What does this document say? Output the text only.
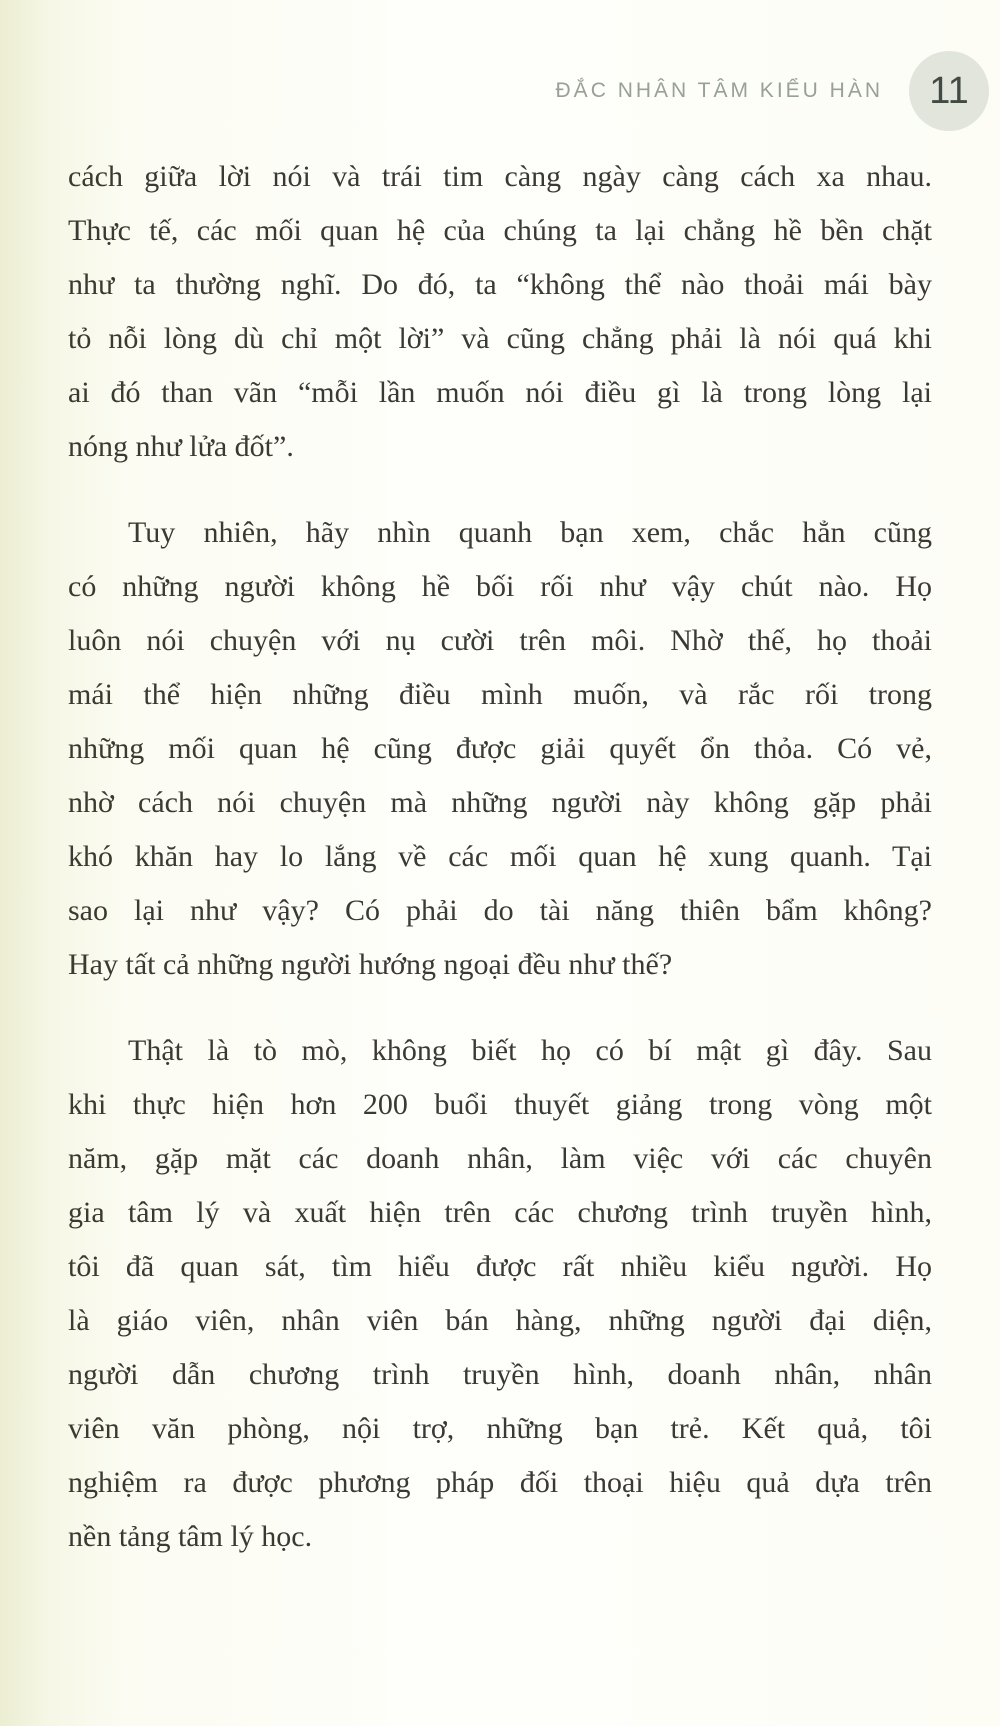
ĐẮC NHÂN TÂM KIỂU HÀN 11
cách giữa lời nói và trái tim càng ngày càng cách xa nhau.
Thực tế, các mối quan hệ của chúng ta lại chẳng hề bền chặt
như ta thường nghĩ. Do đó, ta “không thể nào thoải mái bày
tỏ nỗi lòng dù chỉ một lời” và cũng chẳng phải là nói quá khi
ai đó than vãn “mỗi lần muốn nói điều gì là trong lòng lại
nóng như lửa đốt”.
Tuy nhiên, hãy nhìn quanh bạn xem, chắc hẳn cũng
có những người không hề bối rối như vậy chút nào. Họ
luôn nói chuyện với nụ cười trên môi. Nhờ thế, họ thoải
mái thể hiện những điều mình muốn, và rắc rối trong
những mối quan hệ cũng được giải quyết ổn thỏa. Có vẻ,
nhờ cách nói chuyện mà những người này không gặp phải
khó khăn hay lo lắng về các mối quan hệ xung quanh. Tại
sao lại như vậy? Có phải do tài năng thiên bẩm không?
Hay tất cả những người hướng ngoại đều như thế?
Thật là tò mò, không biết họ có bí mật gì đây. Sau
khi thực hiện hơn 200 buổi thuyết giảng trong vòng một
năm, gặp mặt các doanh nhân, làm việc với các chuyên
gia tâm lý và xuất hiện trên các chương trình truyền hình,
tôi đã quan sát, tìm hiểu được rất nhiều kiểu người. Họ
là giáo viên, nhân viên bán hàng, những người đại diện,
người dẫn chương trình truyền hình, doanh nhân, nhân
viên văn phòng, nội trợ, những bạn trẻ. Kết quả, tôi
nghiệm ra được phương pháp đối thoại hiệu quả dựa trên
nền tảng tâm lý học.
